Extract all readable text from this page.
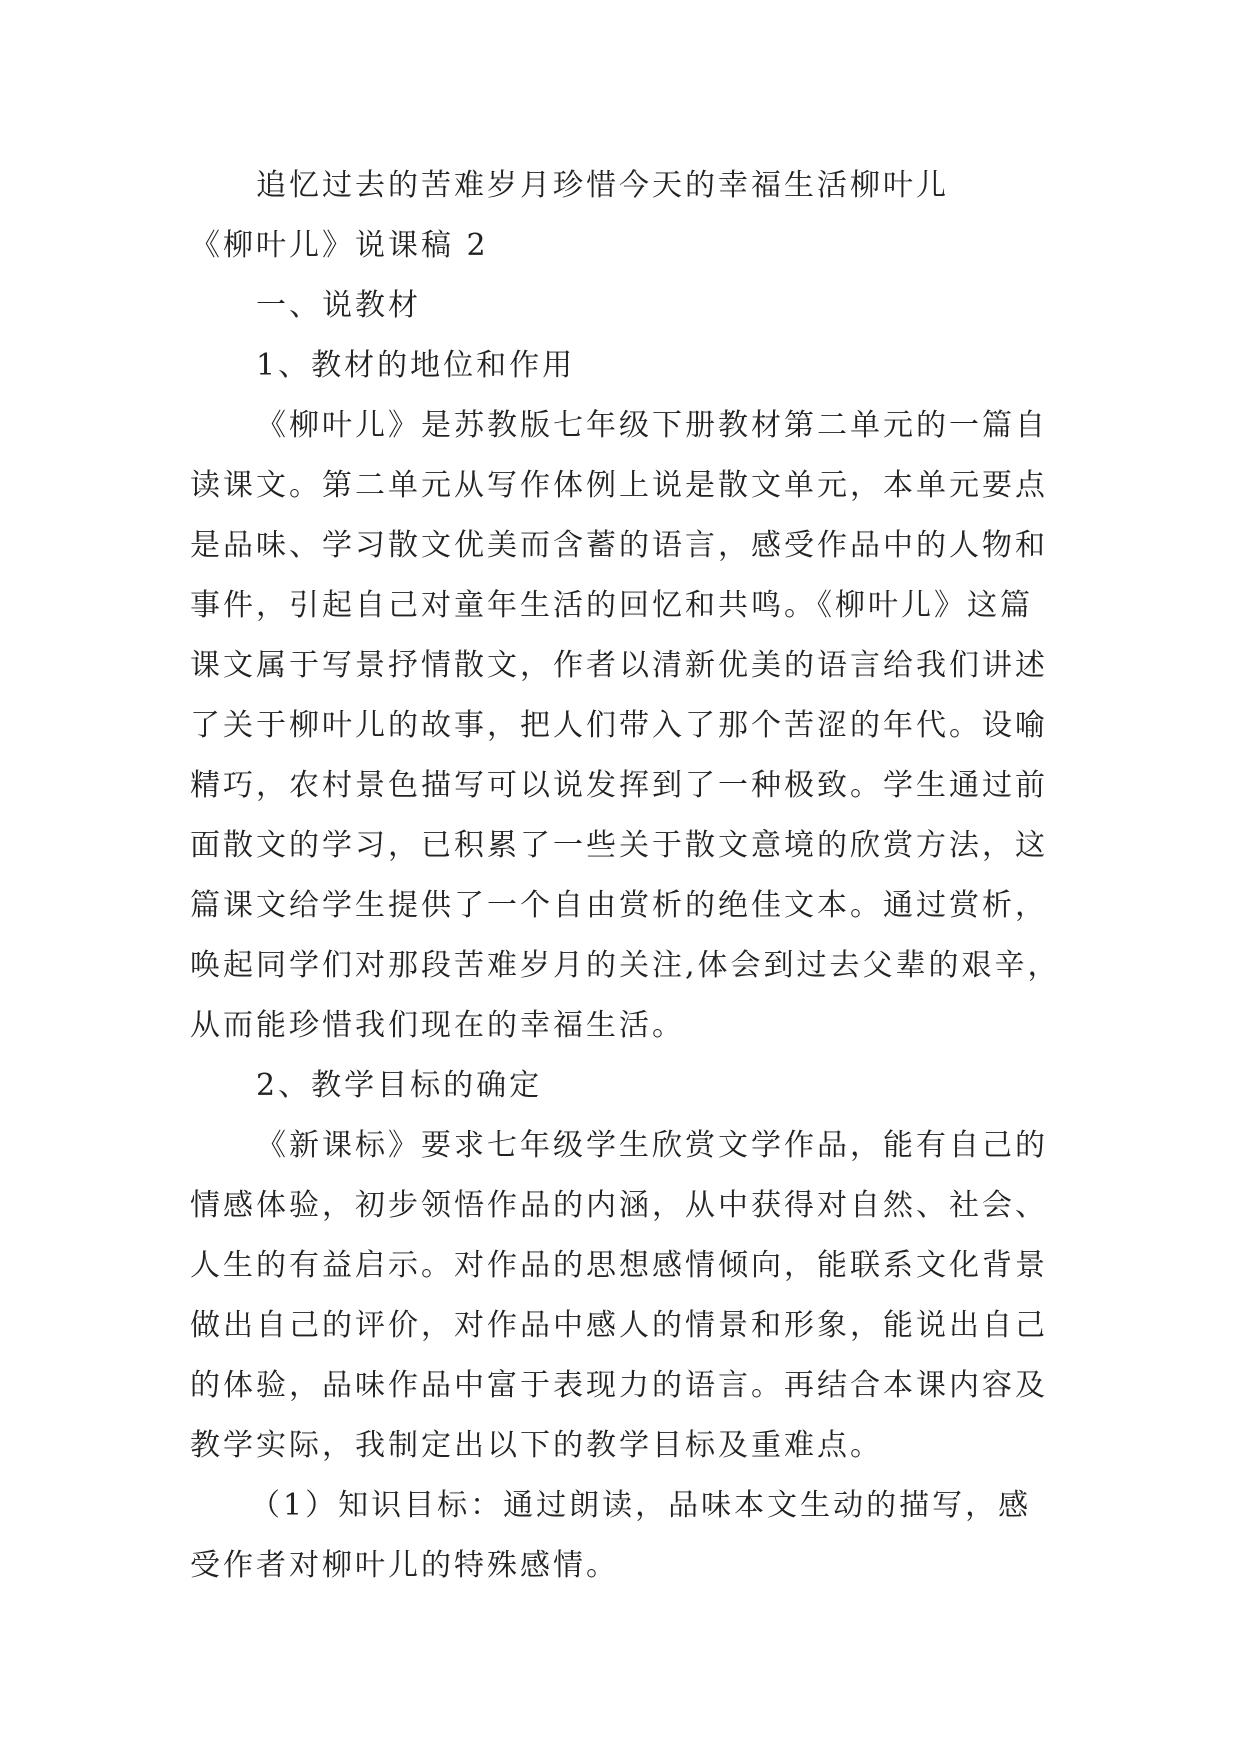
追忆过去的苦难岁月珍惜今天的幸福生活柳叶儿
《柳叶儿》说课稿 2
一、说教材
1、教材的地位和作用
《柳叶儿》是苏教版七年级下册教材第二单元的一篇自
读课文。第二单元从写作体例上说是散文单元，本单元要点
是品味、学习散文优美而含蓄的语言，感受作品中的人物和
事件，引起自己对童年生活的回忆和共鸣。《柳叶儿》这篇
课文属于写景抒情散文，作者以清新优美的语言给我们讲述
了关于柳叶儿的故事，把人们带入了那个苦涩的年代。设喻
精巧，农村景色描写可以说发挥到了一种极致。学生通过前
面散文的学习，已积累了一些关于散文意境的欣赏方法，这
篇课文给学生提供了一个自由赏析的绝佳文本。通过赏析，
唤起同学们对那段苦难岁月的关注,体会到过去父辈的艰辛，
从而能珍惜我们现在的幸福生活。
2、教学目标的确定
《新课标》要求七年级学生欣赏文学作品，能有自己的
情感体验，初步领悟作品的内涵，从中获得对自然、社会、
人生的有益启示。对作品的思想感情倾向，能联系文化背景
做出自己的评价，对作品中感人的情景和形象，能说出自己
的体验，品味作品中富于表现力的语言。再结合本课内容及
教学实际，我制定出以下的教学目标及重难点。
（1）知识目标：通过朗读，品味本文生动的描写，感
受作者对柳叶儿的特殊感情。
